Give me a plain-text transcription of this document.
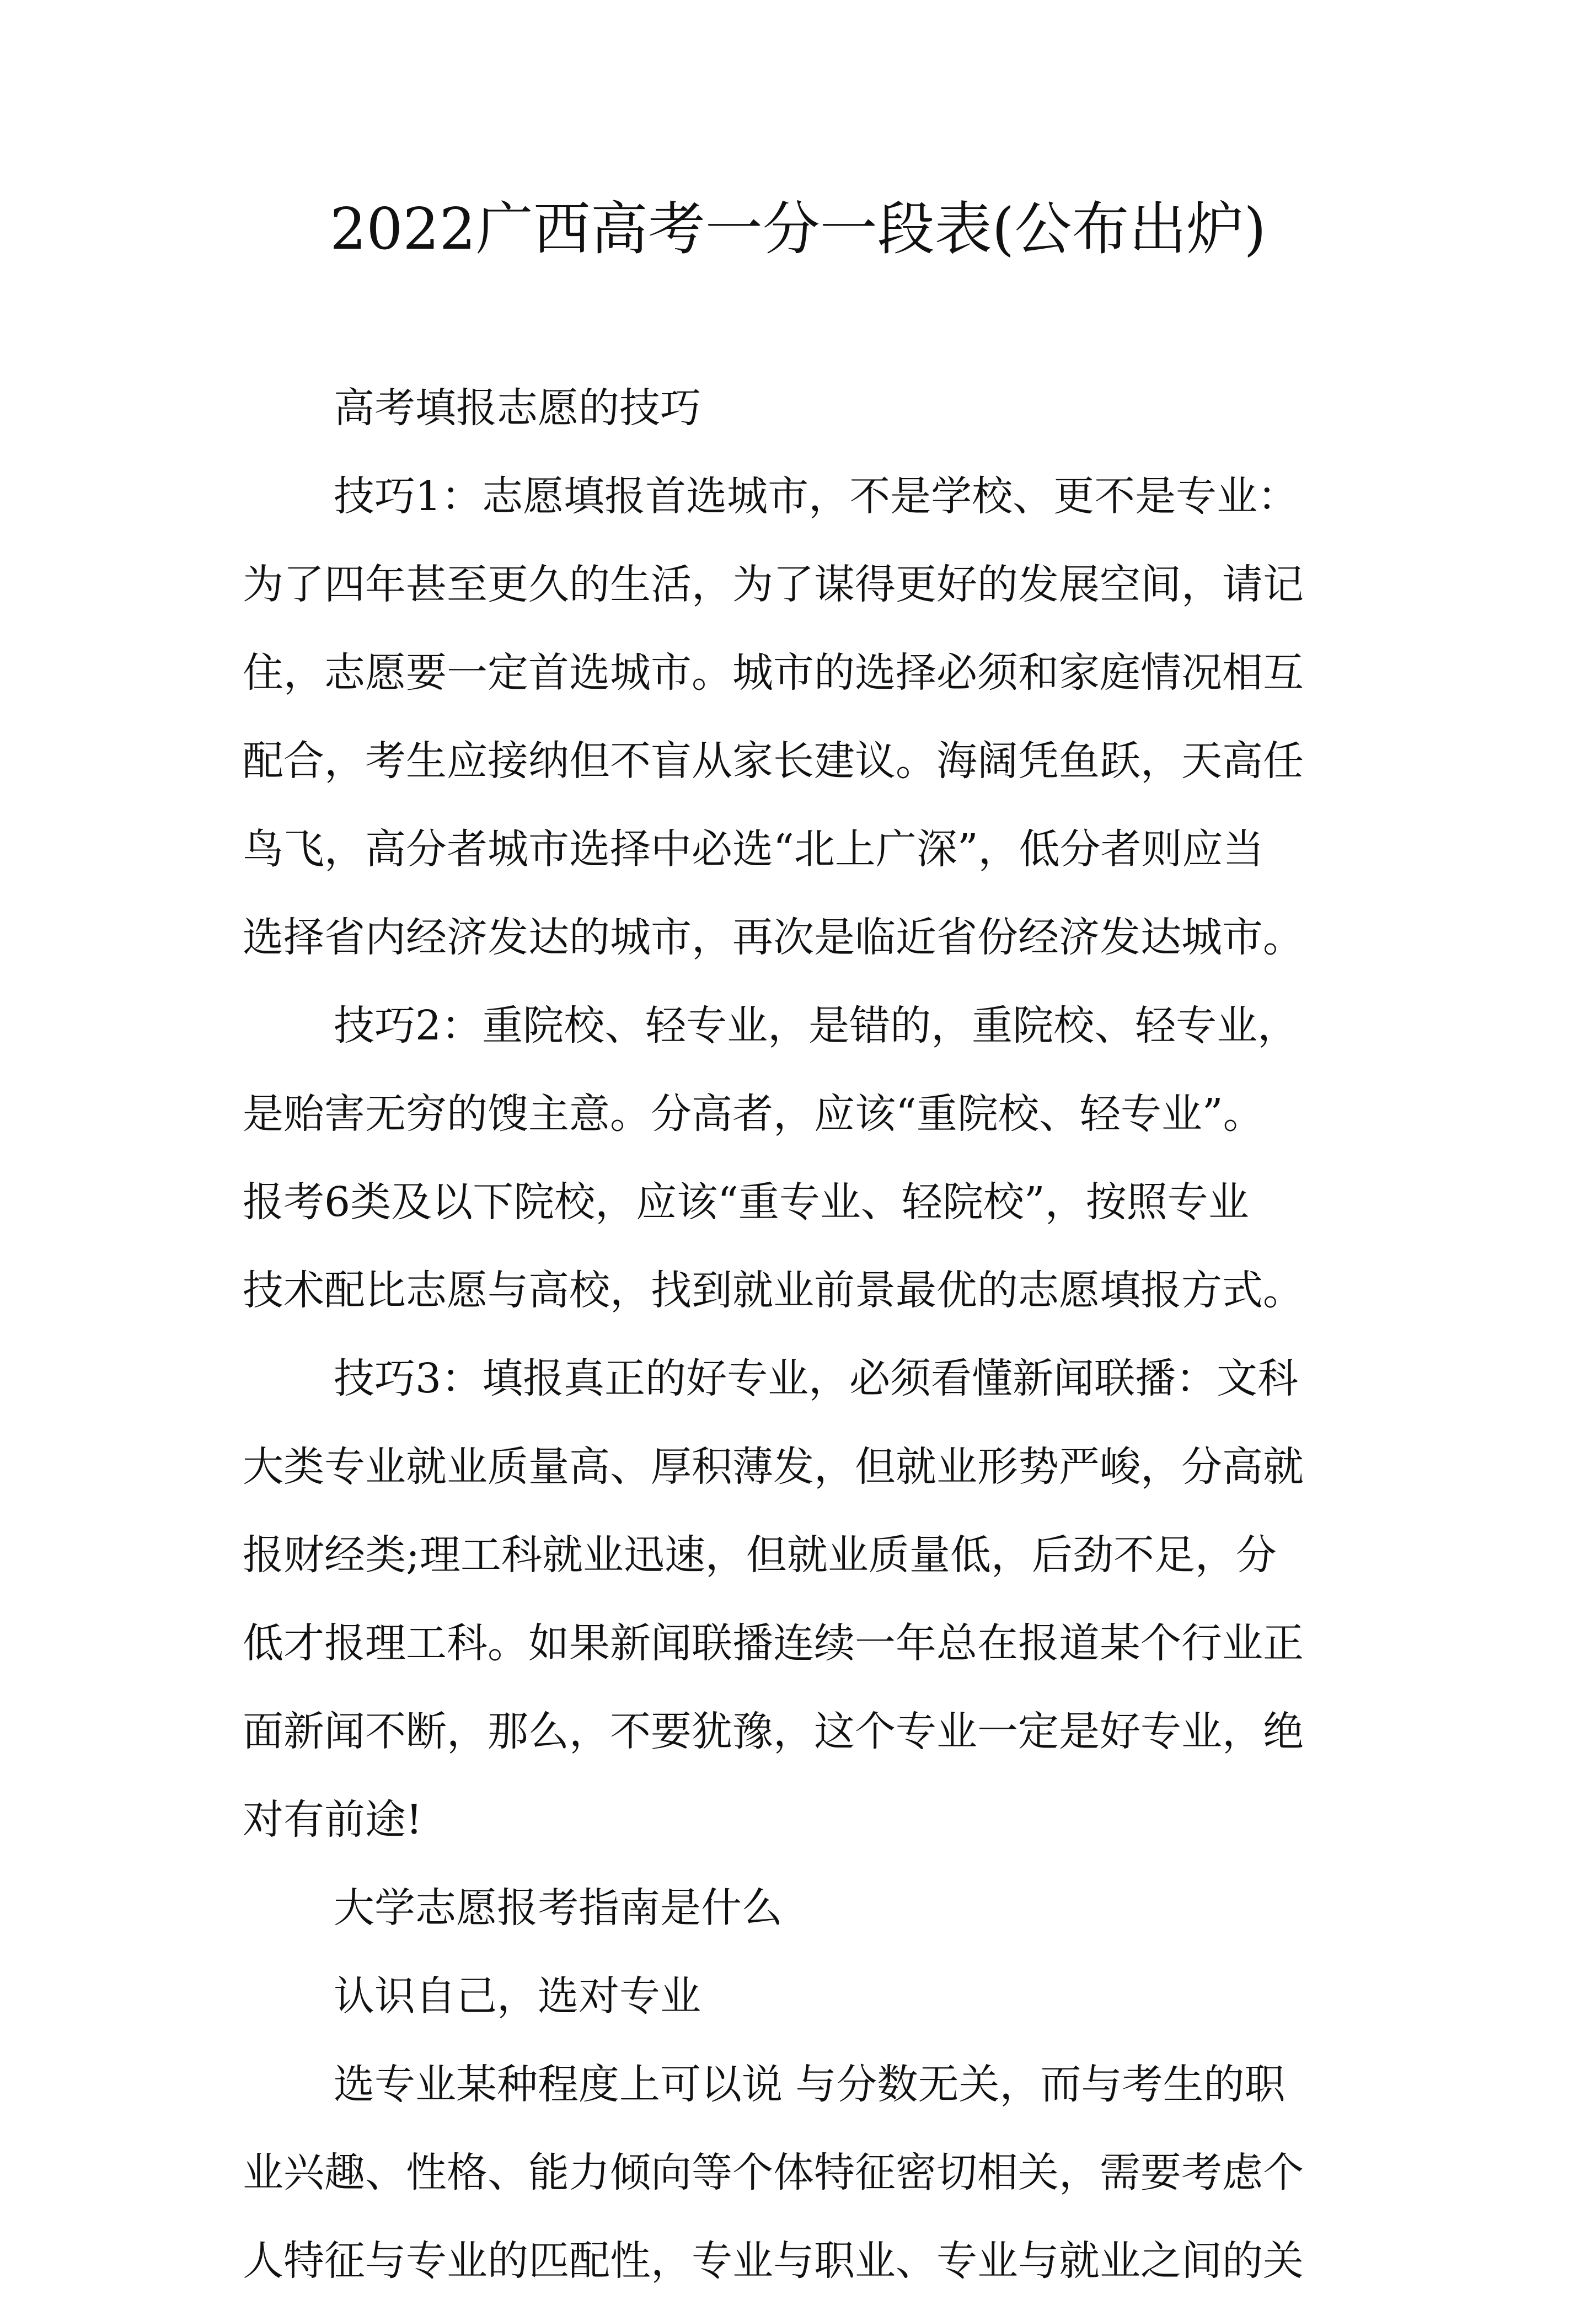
2022广西高考一分一段表(公布出炉)
高考填报志愿的技巧
技巧1：志愿填报首选城市，不是学校、更不是专业：
为了四年甚至更久的生活，为了谋得更好的发展空间，请记
住，志愿要一定首选城市。城市的选择必须和家庭情况相互
配合，考生应接纳但不盲从家长建议。海阔凭鱼跃，天高任
鸟飞，高分者城市选择中必选“北上广深”，低分者则应当
选择省内经济发达的城市，再次是临近省份经济发达城市。
技巧2：重院校、轻专业，是错的，重院校、轻专业，
是贻害无穷的馊主意。分高者，应该“重院校、轻专业”。
报考6类及以下院校，应该“重专业、轻院校”，按照专业
技术配比志愿与高校，找到就业前景最优的志愿填报方式。
技巧3：填报真正的好专业，必须看懂新闻联播：文科
大类专业就业质量高、厚积薄发，但就业形势严峻，分高就
报财经类;理工科就业迅速，但就业质量低，后劲不足，分
低才报理工科。如果新闻联播连续一年总在报道某个行业正
面新闻不断，那么，不要犹豫，这个专业一定是好专业，绝
对有前途!
大学志愿报考指南是什么
认识自己，选对专业
选专业某种程度上可以说 与分数无关，而与考生的职
业兴趣、性格、能力倾向等个体特征密切相关，需要考虑个
人特征与专业的匹配性，专业与职业、专业与就业之间的关
